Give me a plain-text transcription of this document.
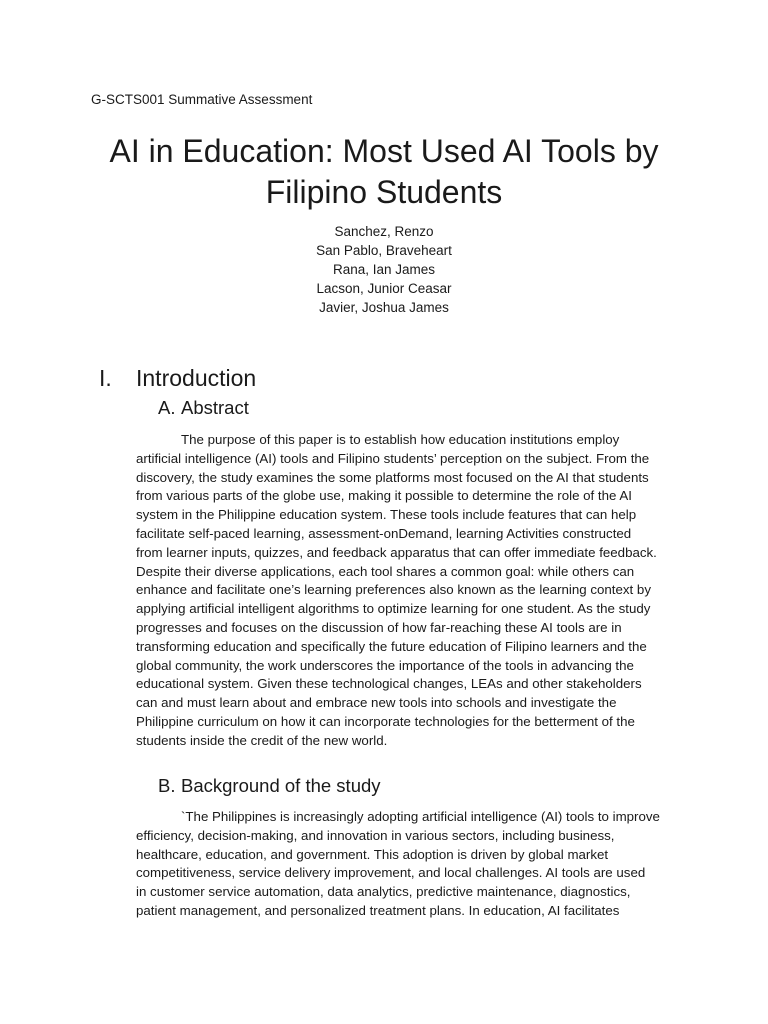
G-SCTS001 Summative Assessment
AI in Education: Most Used AI Tools by
Filipino Students
Sanchez, Renzo
San Pablo, Braveheart
Rana, Ian James
Lacson, Junior Ceasar
Javier, Joshua James
I. Introduction
A. Abstract

The purpose of this paper is to establish how education institutions employ
artificial intelligence (AI) tools and Filipino students’ perception on the subject. From the
discovery, the study examines the some platforms most focused on the AI that students
from various parts of the globe use, making it possible to determine the role of the AI
system in the Philippine education system. These tools include features that can help
facilitate self-paced learning, assessment-onDemand, learning Activities constructed
from learner inputs, quizzes, and feedback apparatus that can offer immediate feedback.
Despite their diverse applications, each tool shares a common goal: while others can
enhance and facilitate one’s learning preferences also known as the learning context by
applying artificial intelligent algorithms to optimize learning for one student. As the study
progresses and focuses on the discussion of how far-reaching these AI tools are in
transforming education and specifically the future education of Filipino learners and the
global community, the work underscores the importance of the tools in advancing the
educational system. Given these technological changes, LEAs and other stakeholders
can and must learn about and embrace new tools into schools and investigate the
Philippine curriculum on how it can incorporate technologies for the betterment of the
students inside the credit of the new world.

B. Background of the study

`The Philippines is increasingly adopting artificial intelligence (AI) tools to improve
efficiency, decision-making, and innovation in various sectors, including business,
healthcare, education, and government. This adoption is driven by global market
competitiveness, service delivery improvement, and local challenges. AI tools are used
in customer service automation, data analytics, predictive maintenance, diagnostics,
patient management, and personalized treatment plans. In education, AI facilitates
